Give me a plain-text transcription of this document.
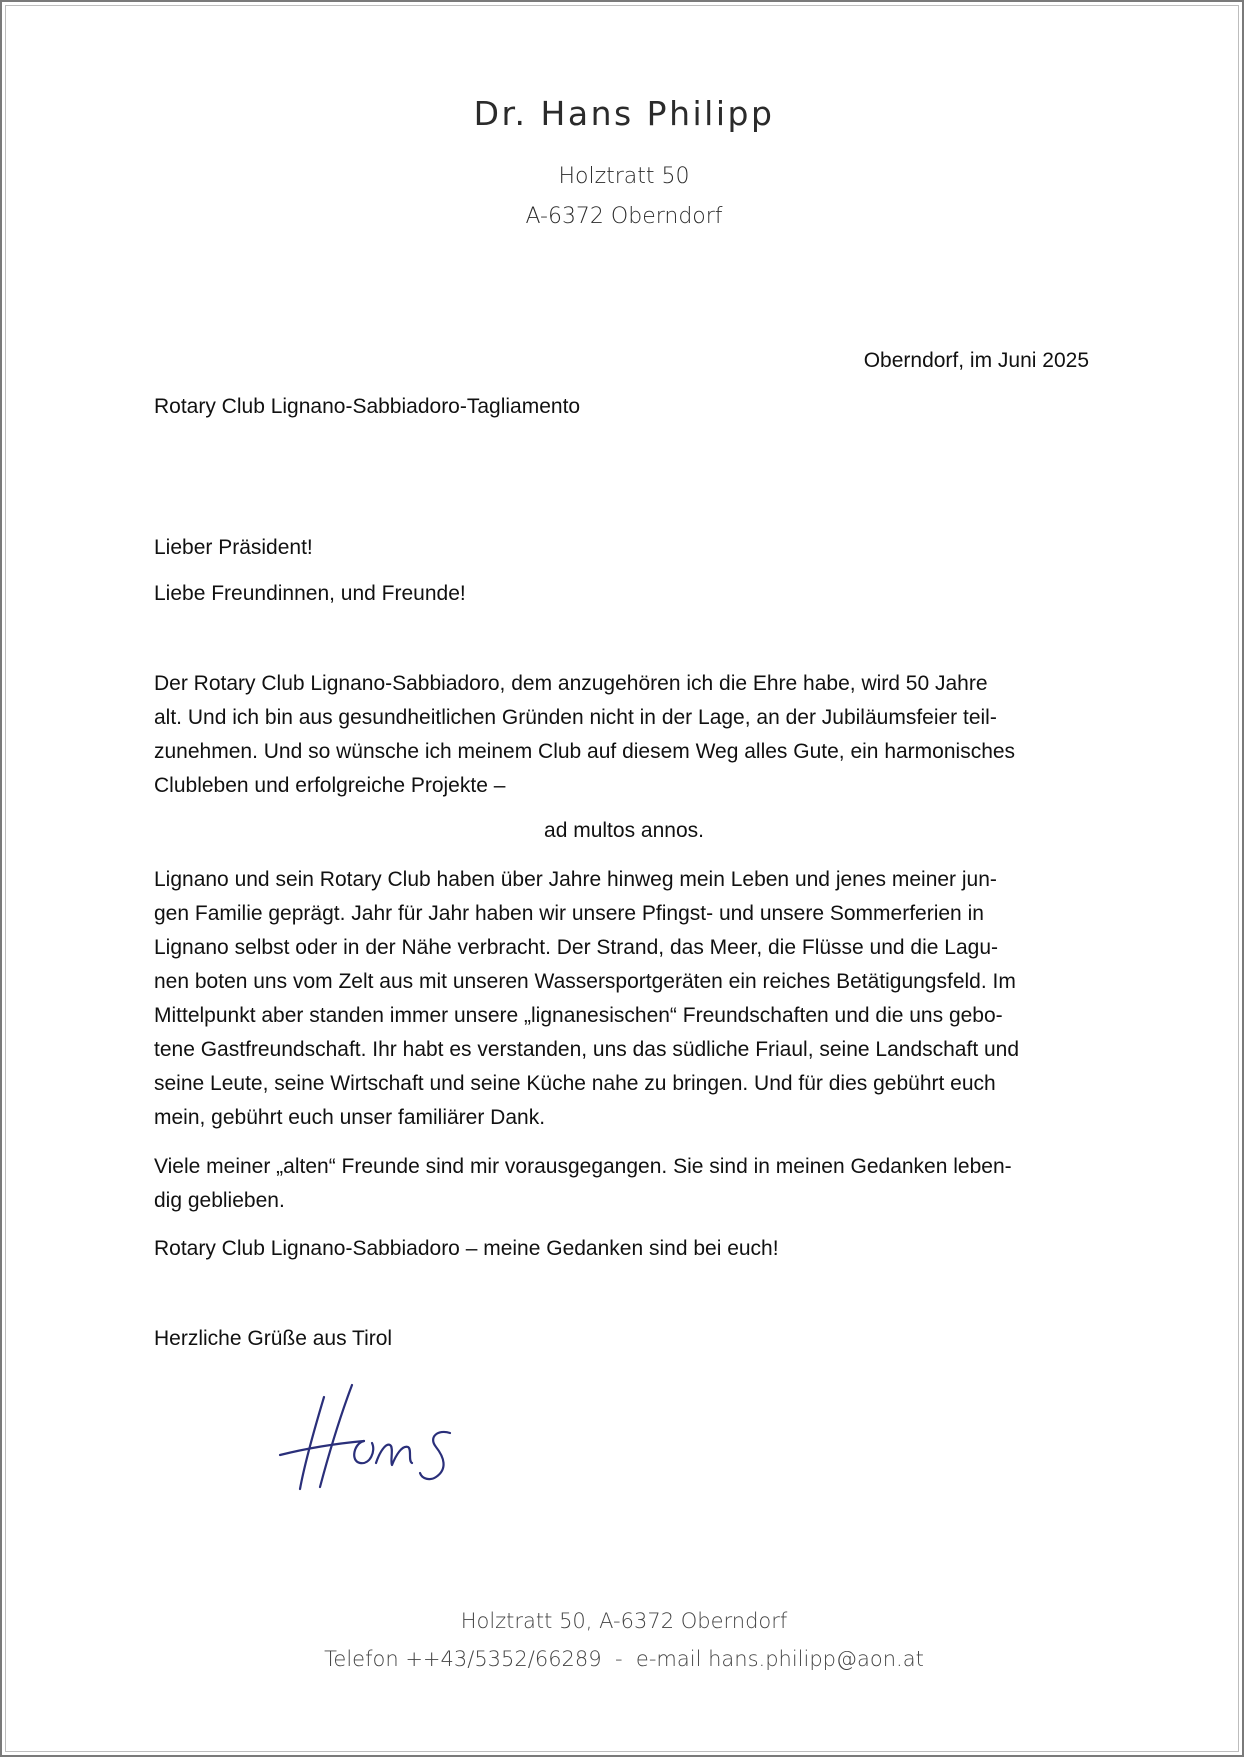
Dr. Hans Philipp
Holztratt 50
A-6372 Oberndorf
Oberndorf, im Juni 2025
Rotary Club Lignano-Sabbiadoro-Tagliamento
Lieber Präsident!
Liebe Freundinnen, und Freunde!
Der Rotary Club Lignano-Sabbiadoro, dem anzugehören ich die Ehre habe, wird 50 Jahre
alt. Und ich bin aus gesundheitlichen Gründen nicht in der Lage, an der Jubiläumsfeier teil-
zunehmen. Und so wünsche ich meinem Club auf diesem Weg alles Gute, ein harmonisches
Clubleben und erfolgreiche Projekte –
ad multos annos.
Lignano und sein Rotary Club haben über Jahre hinweg mein Leben und jenes meiner jun-
gen Familie geprägt. Jahr für Jahr haben wir unsere Pfingst- und unsere Sommerferien in
Lignano selbst oder in der Nähe verbracht. Der Strand, das Meer, die Flüsse und die Lagu-
nen boten uns vom Zelt aus mit unseren Wassersportgeräten ein reiches Betätigungsfeld. Im
Mittelpunkt aber standen immer unsere „lignanesischen“ Freundschaften und die uns gebo-
tene Gastfreundschaft. Ihr habt es verstanden, uns das südliche Friaul, seine Landschaft und
seine Leute, seine Wirtschaft und seine Küche nahe zu bringen. Und für dies gebührt euch
mein, gebührt euch unser familiärer Dank.
Viele meiner „alten“ Freunde sind mir vorausgegangen. Sie sind in meinen Gedanken leben-
dig geblieben.
Rotary Club Lignano-Sabbiadoro – meine Gedanken sind bei euch!
Herzliche Grüße aus Tirol
Holztratt 50, A-6372 Oberndorf
Telefon ++43/5352/66289  -  e-mail hans.philipp@aon.at
